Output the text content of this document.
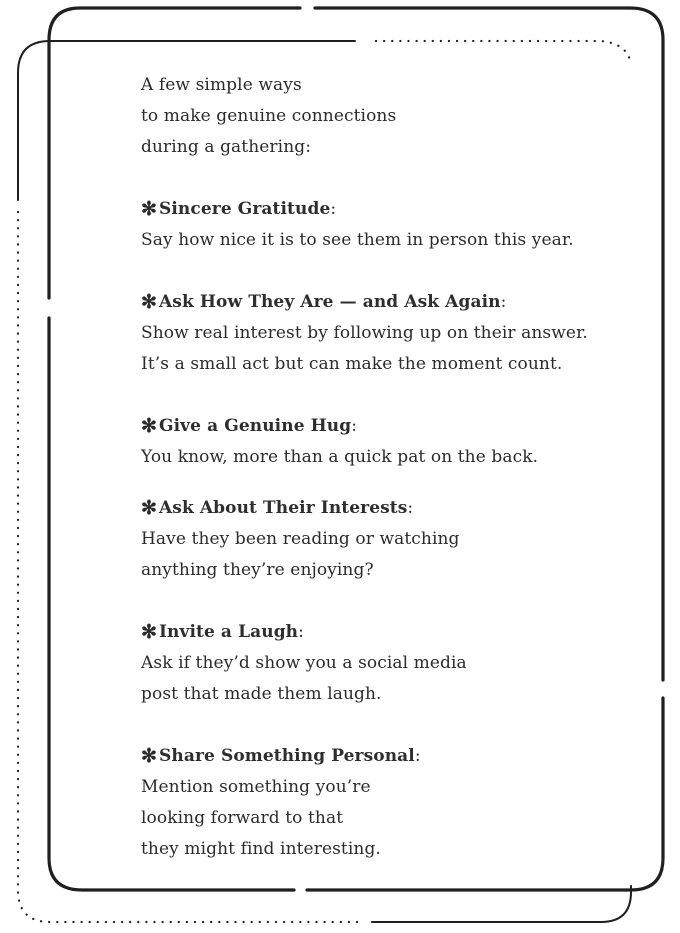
A few simple ways
to make genuine connections
during a gathering:
✻ Sincere Gratitude:
Say how nice it is to see them in person this year.
✻ Ask How They Are — and Ask Again:
Show real interest by following up on their answer.
It’s a small act but can make the moment count.
✻ Give a Genuine Hug:
You know, more than a quick pat on the back.
✻ Ask About Their Interests:
Have they been reading or watching
anything they’re enjoying?
✻ Invite a Laugh:
Ask if they’d show you a social media
post that made them laugh.
✻ Share Something Personal:
Mention something you’re
looking forward to that
they might find interesting.
